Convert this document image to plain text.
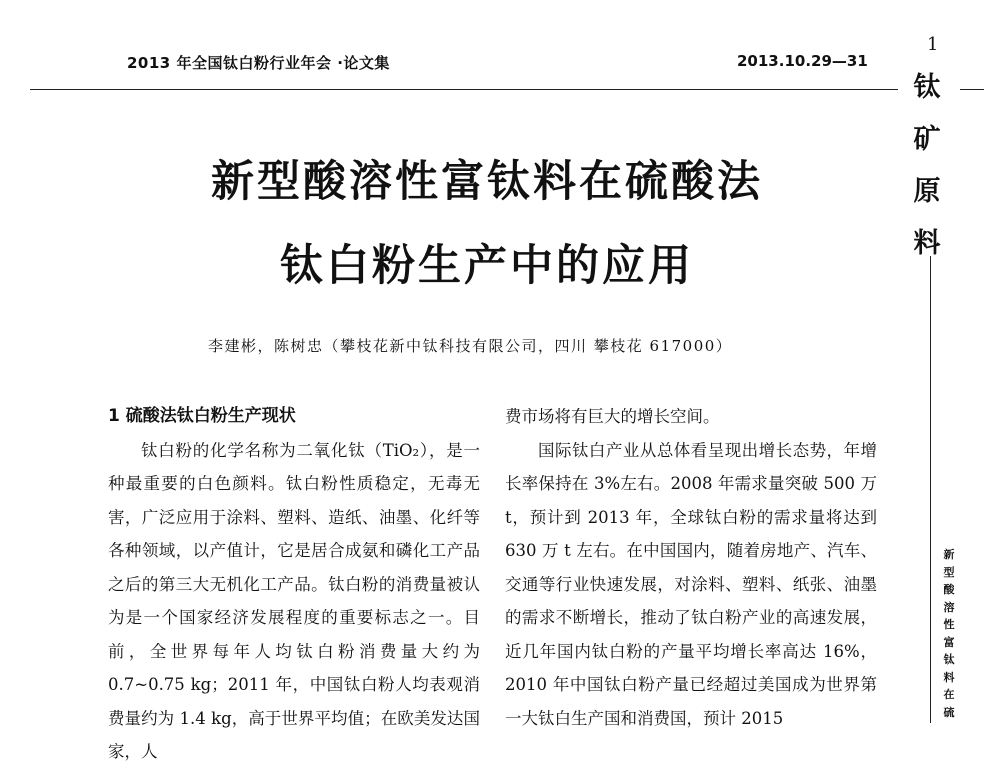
2013 年全国钛白粉行业年会 ·论文集	2013.10.29—31
1
钛
矿
原
料
新
型
酸
溶
性
富
钛
料
在
硫
新型酸溶性富钛料在硫酸法
钛白粉生产中的应用
李建彬，陈树忠（攀枝花新中钛科技有限公司，四川 攀枝花 617000）

1 硫酸法钛白粉生产现状

钛白粉的化学名称为二氧化钛（TiO₂），是一种最重要的白色颜料。钛白粉性质稳定，无毒无害，广泛应用于涂料、塑料、造纸、油墨、化纤等各种领域，以产值计，它是居合成氨和磷化工产品之后的第三大无机化工产品。钛白粉的消费量被认为是一个国家经济发展程度的重要标志之一。目前，全世界每年人均钛白粉消费量大约为 0.7~0.75 kg；2011 年，中国钛白粉人均表观消费量约为 1.4 kg，高于世界平均值；在欧美发达国家，人

费市场将有巨大的增长空间。

国际钛白产业从总体看呈现出增长态势，年增长率保持在 3%左右。2008 年需求量突破 500 万 t，预计到 2013 年，全球钛白粉的需求量将达到 630 万 t 左右。在中国国内，随着房地产、汽车、交通等行业快速发展，对涂料、塑料、纸张、油墨的需求不断增长，推动了钛白粉产业的高速发展，近几年国内钛白粉的产量平均增长率高达 16%，2010 年中国钛白粉产量已经超过美国成为世界第一大钛白生产国和消费国，预计 2015
